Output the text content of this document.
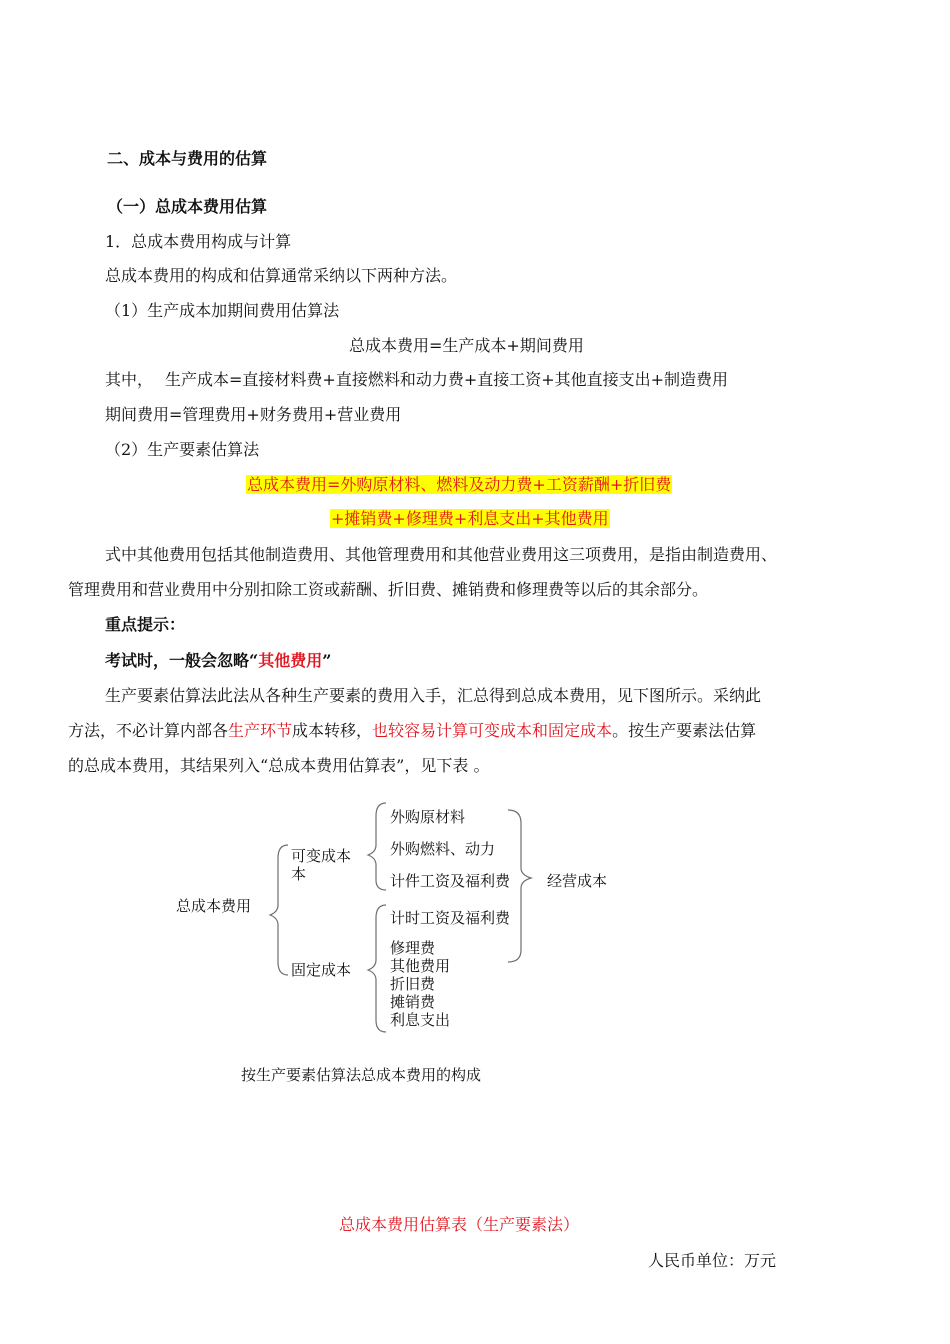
二、成本与费用的估算
（一）总成本费用估算
1．总成本费用构成与计算
总成本费用的构成和估算通常采纳以下两种方法。
（1）生产成本加期间费用估算法
总成本费用=生产成本+期间费用
其中， 生产成本=直接材料费+直接燃料和动力费+直接工资+其他直接支出+制造费用
期间费用=管理费用+财务费用+营业费用
（2）生产要素估算法
总成本费用=外购原材料、燃料及动力费+工资薪酬+折旧费
+摊销费+修理费+利息支出+其他费用
式中其他费用包括其他制造费用、其他管理费用和其他营业费用这三项费用，是指由制造费用、
管理费用和营业费用中分别扣除工资或薪酬、折旧费、摊销费和修理费等以后的其余部分。
重点提示：
考试时，一般会忽略“其他费用”
生产要素估算法此法从各种生产要素的费用入手，汇总得到总成本费用，见下图所示。采纳此
方法，不必计算内部各生产环节成本转移，也较容易计算可变成本和固定成本。按生产要素法估算
的总成本费用，其结果列入“总成本费用估算表”，见下表 。
总成本费用
可变成本
本
固定成本
外购原材料
外购燃料、动力
计件工资及福利费
计时工资及福利费
修理费
其他费用
折旧费
摊销费
利息支出
经营成本
按生产要素估算法总成本费用的构成
总成本费用估算表（生产要素法）
人民币单位：万元
